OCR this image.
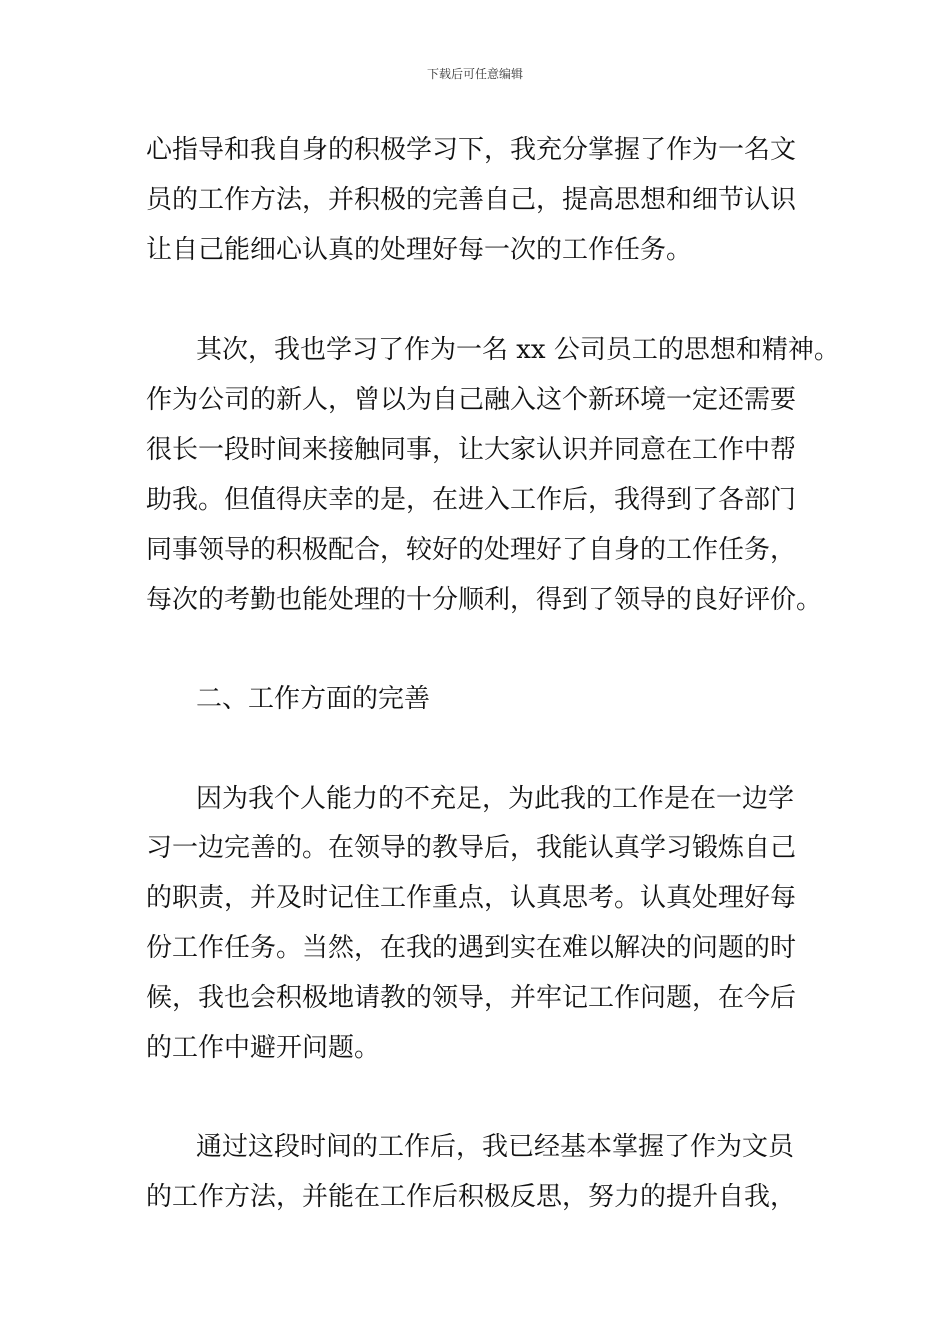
下载后可任意编辑
心指导和我自身的积极学习下，我充分掌握了作为一名文
员的工作方法，并积极的完善自己，提高思想和细节认识
让自己能细心认真的处理好每一次的工作任务。
其次，我也学习了作为一名 xx 公司员工的思想和精神。
作为公司的新人，曾以为自己融入这个新环境一定还需要
很长一段时间来接触同事，让大家认识并同意在工作中帮
助我。但值得庆幸的是，在进入工作后，我得到了各部门
同事领导的积极配合，较好的处理好了自身的工作任务，
每次的考勤也能处理的十分顺利，得到了领导的良好评价。
二、工作方面的完善
因为我个人能力的不充足，为此我的工作是在一边学
习一边完善的。在领导的教导后，我能认真学习锻炼自己
的职责，并及时记住工作重点，认真思考。认真处理好每
份工作任务。当然，在我的遇到实在难以解决的问题的时
候，我也会积极地请教的领导，并牢记工作问题，在今后
的工作中避开问题。
通过这段时间的工作后，我已经基本掌握了作为文员
的工作方法，并能在工作后积极反思，努力的提升自我，
